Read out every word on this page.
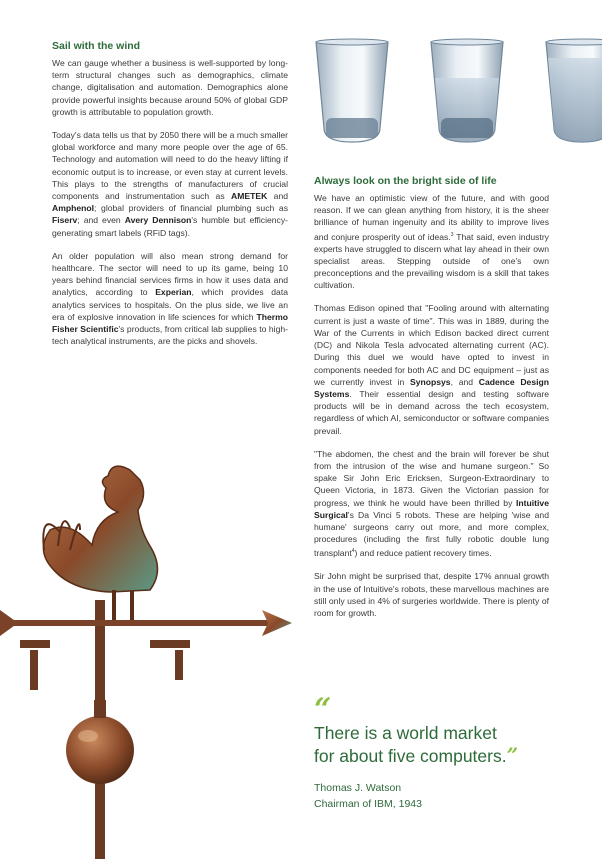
Sail with the wind

We can gauge whether a business is well-supported by long-term structural changes such as demographics, climate change, digitalisation and automation. Demographics alone provide powerful insights because around 50% of global GDP growth is attributable to population growth.

Today's data tells us that by 2050 there will be a much smaller global workforce and many more people over the age of 65. Technology and automation will need to do the heavy lifting if economic output is to increase, or even stay at current levels. This plays to the strengths of manufacturers of crucial components and instrumentation such as AMETEK and Amphenol; global providers of financial plumbing such as Fiserv; and even Avery Dennison's humble but efficiency-generating smart labels (RFiD tags).

An older population will also mean strong demand for healthcare. The sector will need to up its game, being 10 years behind financial services firms in how it uses data and analytics, according to Experian, which provides data analytics services to hospitals. On the plus side, we live an era of explosive innovation in life sciences for which Thermo Fisher Scientific's products, from critical lab supplies to high-tech analytical instruments, are the picks and shovels.

Always look on the bright side of life

We have an optimistic view of the future, and with good reason. If we can glean anything from history, it is the sheer brilliance of human ingenuity and its ability to improve lives and conjure prosperity out of ideas.$^3$ That said, even industry experts have struggled to discern what lay ahead in their own specialist areas. Stepping outside of one's own preconceptions and the prevailing wisdom is a skill that takes cultivation.

Thomas Edison opined that "Fooling around with alternating current is just a waste of time". This was in 1889, during the War of the Currents in which Edison backed direct current (DC) and Nikola Tesla advocated alternating current (AC). During this duel we would have opted to invest in components needed for both AC and DC equipment – just as we currently invest in Synopsys, and Cadence Design Systems. Their essential design and testing software products will be in demand across the tech ecosystem, regardless of which AI, semiconductor or software companies prevail.

"The abdomen, the chest and the brain will forever be shut from the intrusion of the wise and humane surgeon." So spake Sir John Eric Ericksen, Surgeon-Extraordinary to Queen Victoria, in 1873. Given the Victorian passion for progress, we think he would have been thrilled by Intuitive Surgical's Da Vinci 5 robots. These are helping 'wise and humane' surgeons carry out more, and more complex, procedures (including the first fully robotic double lung transplant$^4$) and reduce patient recovery times.

Sir John might be surprised that, despite 17% annual growth in the use of Intuitive's robots, these marvellous machines are still only used in 4% of surgeries worldwide. There is plenty of room for growth.

“
There is a world market
for about five computers.”
Thomas J. Watson
Chairman of IBM, 1943
